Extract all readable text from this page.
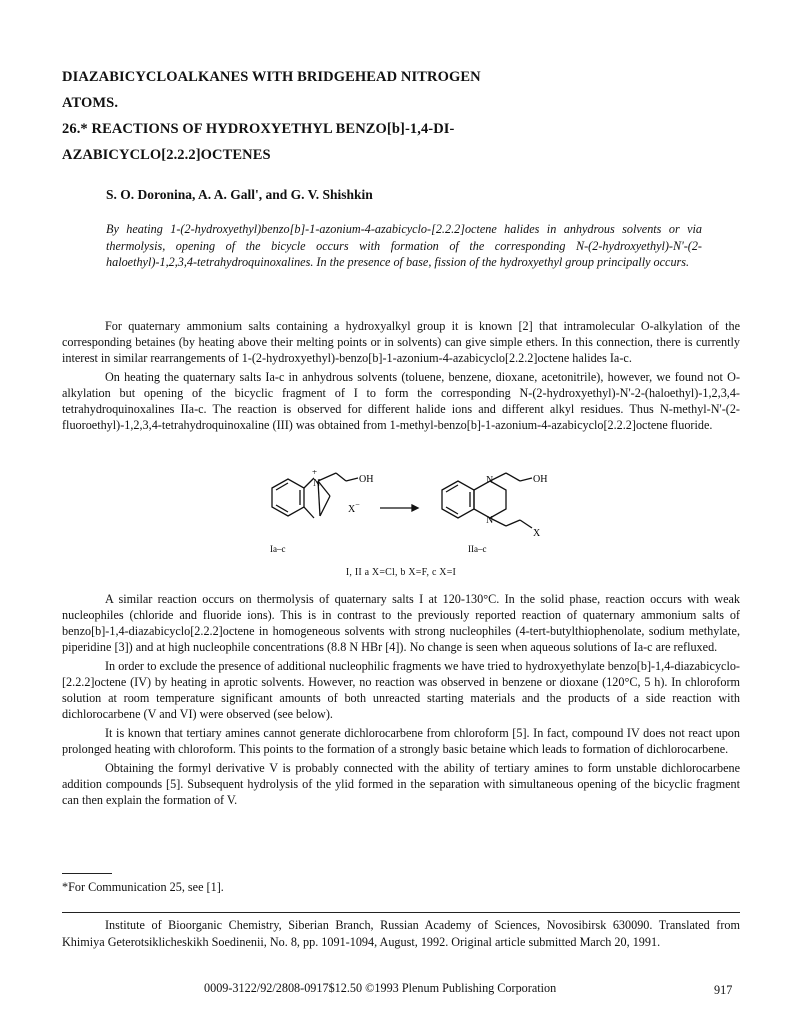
DIAZABICYCLOALKANES WITH BRIDGEHEAD NITROGEN
ATOMS.
26.* REACTIONS OF HYDROXYETHYL BENZO[b]-1,4-DI-
AZABICYCLO[2.2.2]OCTENES
S. O. Doronina, A. A. Gall', and G. V. Shishkin
By heating 1-(2-hydroxyethyl)benzo[b]-1-azonium-4-azabicyclo-[2.2.2]octene halides in anhydrous solvents or via thermolysis, opening of the bicycle occurs with formation of the corresponding N-(2-hydroxyethyl)-N'-(2-haloethyl)-1,2,3,4-tetrahydroquinoxalines. In the presence of base, fission of the hydroxyethyl group principally occurs.

For quaternary ammonium salts containing a hydroxyalkyl group it is known [2] that intramolecular O-alkylation of the corresponding betaines (by heating above their melting points or in solvents) can give simple ethers. In this connection, there is currently interest in similar rearrangements of 1-(2-hydroxyethyl)-benzo[b]-1-azonium-4-azabicyclo[2.2.2]octene halides Ia-c.

On heating the quaternary salts Ia-c in anhydrous solvents (toluene, benzene, dioxane, acetonitrile), however, we found not O-alkylation but opening of the bicyclic fragment of I to form the corresponding N-(2-hydroxyethyl)-N'-2-(haloethyl)-1,2,3,4-tetrahydroquinoxalines IIa-c. The reaction is observed for different halide ions and different alkyl residues. Thus N-methyl-N'-(2-fluoroethyl)-1,2,3,4-tetrahydroquinoxaline (III) was obtained from 1-methyl-benzo[b]-1-azonium-4-azabicyclo[2.2.2]octene fluoride.

+
N	OH
X−
Ia–c
N
N
OH
X
IIa–c
I, II a X=Cl, b X=F, c X=I

A similar reaction occurs on thermolysis of quaternary salts I at 120-130°C. In the solid phase, reaction occurs with weak nucleophiles (chloride and fluoride ions). This is in contrast to the previously reported reaction of quaternary ammonium salts of benzo[b]-1,4-diazabicyclo[2.2.2]octene in homogeneous solvents with strong nucleophiles (4-tert-butylthiophenolate, sodium methylate, piperidine [3]) and at high nucleophile concentrations (8.8 N HBr [4]). No change is seen when aqueous solutions of Ia-c are refluxed.

In order to exclude the presence of additional nucleophilic fragments we have tried to hydroxyethylate benzo[b]-1,4-diazabicyclo-[2.2.2]octene (IV) by heating in aprotic solvents. However, no reaction was observed in benzene or dioxane (120°C, 5 h). In chloroform solution at room temperature significant amounts of both unreacted starting materials and the products of a side reaction with dichlorocarbene (V and VI) were observed (see below).

It is known that tertiary amines cannot generate dichlorocarbene from chloroform [5]. In fact, compound IV does not react upon prolonged heating with chloroform. This points to the formation of a strongly basic betaine which leads to formation of dichlorocarbene.

Obtaining the formyl derivative V is probably connected with the ability of tertiary amines to form unstable dichlorocarbene addition compounds [5]. Subsequent hydrolysis of the ylid formed in the separation with simultaneous opening of the bicyclic fragment can then explain the formation of V.

*For Communication 25, see [1].
Institute of Bioorganic Chemistry, Siberian Branch, Russian Academy of Sciences, Novosibirsk 630090. Translated from Khimiya Geterotsiklicheskikh Soedinenii, No. 8, pp. 1091-1094, August, 1992. Original article submitted March 20, 1991.
0009-3122/92/2808-0917$12.50 ©1993 Plenum Publishing Corporation	917
